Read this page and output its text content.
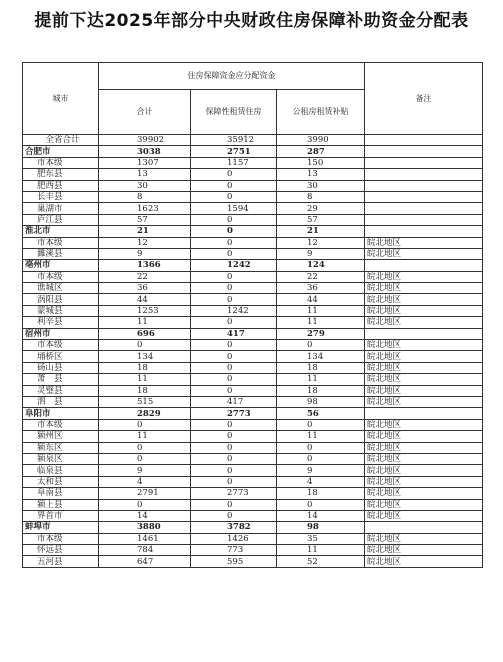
提前下达2025年部分中央财政住房保障补助资金分配表
城市	住房保障资金应分配资金			备注
	合计	保障性租赁住房	公租房租赁补贴	
全省合计	39902	35912	3990	
合肥市	3038	2751	287	
市本级	1307	1157	150	
肥东县	13	0	13	
肥西县	30	0	30	
长丰县	8	0	8	
巢湖市	1623	1594	29	
庐江县	57	0	57	
淮北市	21	0	21	
市本级	12	0	12	皖北地区
濉溪县	9	0	9	皖北地区
亳州市	1366	1242	124	
市本级	22	0	22	皖北地区
谯城区	36	0	36	皖北地区
涡阳县	44	0	44	皖北地区
蒙城县	1253	1242	11	皖北地区
利辛县	11	0	11	皖北地区
宿州市	696	417	279	
市本级	0	0	0	皖北地区
埇桥区	134	0	134	皖北地区
砀山县	18	0	18	皖北地区
萧　县	11	0	11	皖北地区
灵璧县	18	0	18	皖北地区
泗　县	515	417	98	皖北地区
阜阳市	2829	2773	56	
市本级	0	0	0	皖北地区
颍州区	11	0	11	皖北地区
颍东区	0	0	0	皖北地区
颍泉区	0	0	0	皖北地区
临泉县	9	0	9	皖北地区
太和县	4	0	4	皖北地区
阜南县	2791	2773	18	皖北地区
颍上县	0	0	0	皖北地区
界首市	14	0	14	皖北地区
蚌埠市	3880	3782	98	
市本级	1461	1426	35	皖北地区
怀远县	784	773	11	皖北地区
五河县	647	595	52	皖北地区
